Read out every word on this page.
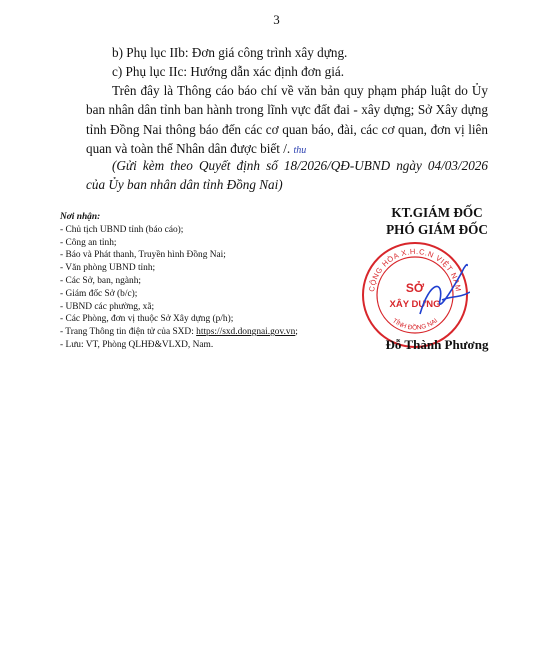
3
b) Phụ lục IIb: Đơn giá công trình xây dựng.
c) Phụ lục IIc: Hướng dẫn xác định đơn giá.
Trên đây là Thông cáo báo chí về văn bản quy phạm pháp luật do Ủy ban nhân dân tỉnh ban hành trong lĩnh vực đất đai - xây dựng; Sở Xây dựng tỉnh Đồng Nai thông báo đến các cơ quan báo, đài, các cơ quan, đơn vị liên quan và toàn thể Nhân dân được biết /. thu
(Gửi kèm theo Quyết định số 18/2026/QĐ-UBND ngày 04/03/2026 của Ủy ban nhân dân tỉnh Đồng Nai)
Nơi nhận:
- Chủ tịch UBND tỉnh (báo cáo);
- Công an tỉnh;
- Báo và Phát thanh, Truyền hình Đồng Nai;
- Văn phòng UBND tỉnh;
- Các Sở, ban, ngành;
- Giám đốc Sở (b/c);
- UBND các phường, xã;
- Các Phòng, đơn vị thuộc Sở Xây dựng (p/h);
- Trang Thông tin điện tử của SXD: https://sxd.dongnai.gov.vn;
- Lưu: VT, Phòng QLHĐ&VLXD, Nam.
KT.GIÁM ĐỐC
PHÓ GIÁM ĐỐC
CỘNG HÒA X.H.C.N VIỆT NAM
SỞ
XÂY DỰNG
TỈNH ĐỒNG NAI
Đỗ Thành Phương
